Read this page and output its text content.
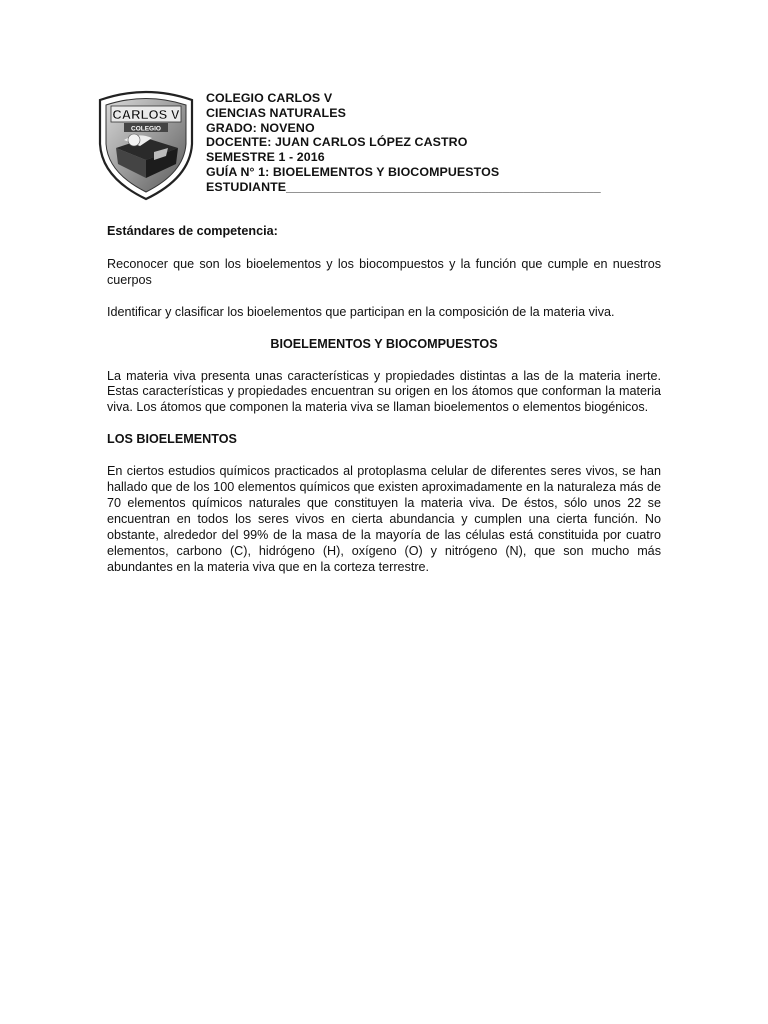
CARLOS V
COLEGIO
COLEGIO CARLOS V
CIENCIAS NATURALES
GRADO: NOVENO
DOCENTE: JUAN CARLOS LÓPEZ CASTRO
SEMESTRE 1 - 2016
GUÍA N° 1: BIOELEMENTOS Y BIOCOMPUESTOS
ESTUDIANTE_____________________________________________

Estándares de competencia:

Reconocer que son los bioelementos y los biocompuestos y la función que cumple en nuestros cuerpos

Identificar y clasificar los bioelementos que participan en la composición de la materia viva.

BIOELEMENTOS Y BIOCOMPUESTOS

La materia viva presenta unas características y propiedades distintas a las de la materia inerte. Estas características y propiedades encuentran su origen en los átomos que conforman la materia viva. Los átomos que componen la materia viva se llaman bioelementos o elementos biogénicos.

LOS BIOELEMENTOS

En ciertos estudios químicos practicados al protoplasma celular de diferentes seres vivos, se han hallado que de los 100 elementos químicos que existen aproximadamente en la naturaleza más de 70 elementos químicos naturales que constituyen la materia viva. De éstos, sólo unos 22 se encuentran en todos los seres vivos en cierta abundancia y cumplen una cierta función. No obstante, alrededor del 99% de la masa de la mayoría de las células está constituida por cuatro elementos, carbono (C), hidrógeno (H), oxígeno (O) y nitrógeno (N), que son mucho más abundantes en la materia viva que en la corteza terrestre.
